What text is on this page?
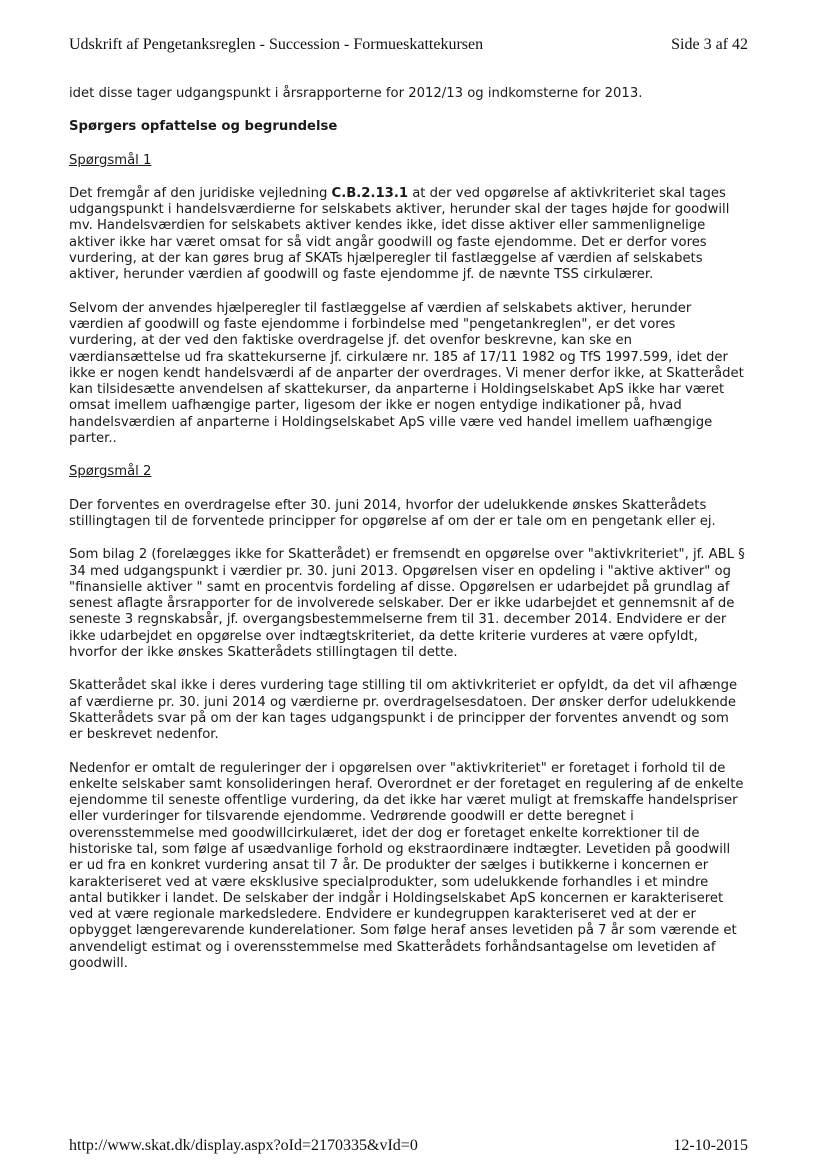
Udskrift af Pengetanksreglen - Succession - Formueskattekursen	Side 3 af 42

idet disse tager udgangspunkt i årsrapporterne for 2012/13 og indkomsterne for 2013.

Spørgers opfattelse og begrundelse
Spørgsmål 1

Det fremgår af den juridiske vejledning C.B.2.13.1 at der ved opgørelse af aktivkriteriet skal tages udgangspunkt i handelsværdierne for selskabets aktiver, herunder skal der tages højde for goodwill mv. Handelsværdien for selskabets aktiver kendes ikke, idet disse aktiver eller sammenlignelige aktiver ikke har været omsat for så vidt angår goodwill og faste ejendomme. Det er derfor vores vurdering, at der kan gøres brug af SKATs hjælperegler til fastlæggelse af værdien af selskabets aktiver, herunder værdien af goodwill og faste ejendomme jf. de nævnte TSS cirkulærer.

Selvom der anvendes hjælperegler til fastlæggelse af værdien af selskabets aktiver, herunder værdien af goodwill og faste ejendomme i forbindelse med "pengetankreglen", er det vores vurdering, at der ved den faktiske overdragelse jf. det ovenfor beskrevne, kan ske en værdiansættelse ud fra skattekurserne jf. cirkulære nr. 185 af 17/11 1982 og TfS 1997.599, idet der ikke er nogen kendt handelsværdi af de anparter der overdrages. Vi mener derfor ikke, at Skatterådet kan tilsidesætte anvendelsen af skattekurser, da anparterne i Holdingselskabet ApS ikke har været omsat imellem uafhængige parter, ligesom der ikke er nogen entydige indikationer på, hvad handelsværdien af anparterne i Holdingselskabet ApS ville være ved handel imellem uafhængige parter..

Spørgsmål 2

Der forventes en overdragelse efter 30. juni 2014, hvorfor der udelukkende ønskes Skatterådets stillingtagen til de forventede principper for opgørelse af om der er tale om en pengetank eller ej.

Som bilag 2 (forelægges ikke for Skatterådet) er fremsendt en opgørelse over "aktivkriteriet", jf. ABL § 34 med udgangspunkt i værdier pr. 30. juni 2013. Opgørelsen viser en opdeling i "aktive aktiver" og "finansielle aktiver " samt en procentvis fordeling af disse. Opgørelsen er udarbejdet på grundlag af senest aflagte årsrapporter for de involverede selskaber. Der er ikke udarbejdet et gennemsnit af de seneste 3 regnskabsår, jf. overgangsbestemmelserne frem til 31. december 2014. Endvidere er der ikke udarbejdet en opgørelse over indtægtskriteriet, da dette kriterie vurderes at være opfyldt, hvorfor der ikke ønskes Skatterådets stillingtagen til dette.

Skatterådet skal ikke i deres vurdering tage stilling til om aktivkriteriet er opfyldt, da det vil afhænge af værdierne pr. 30. juni 2014 og værdierne pr. overdragelsesdatoen. Der ønsker derfor udelukkende Skatterådets svar på om der kan tages udgangspunkt i de principper der forventes anvendt og som er beskrevet nedenfor.

Nedenfor er omtalt de reguleringer der i opgørelsen over "aktivkriteriet" er foretaget i forhold til de enkelte selskaber samt konsolideringen heraf. Overordnet er der foretaget en regulering af de enkelte ejendomme til seneste offentlige vurdering, da det ikke har været muligt at fremskaffe handelspriser eller vurderinger for tilsvarende ejendomme. Vedrørende goodwill er dette beregnet i overensstemmelse med goodwillcirkulæret, idet der dog er foretaget enkelte korrektioner til de historiske tal, som følge af usædvanlige forhold og ekstraordinære indtægter. Levetiden på goodwill er ud fra en konkret vurdering ansat til 7 år. De produkter der sælges i butikkerne i koncernen er karakteriseret ved at være eksklusive specialprodukter, som udelukkende forhandles i et mindre antal butikker i landet. De selskaber der indgår i Holdingselskabet ApS koncernen er karakteriseret ved at være regionale markedsledere. Endvidere er kundegruppen karakteriseret ved at der er opbygget længerevarende kunderelationer. Som følge heraf anses levetiden på 7 år som værende et anvendeligt estimat og i overensstemmelse med Skatterådets forhåndsantagelse om levetiden af goodwill.

http://www.skat.dk/display.aspx?oId=2170335&vId=0	12-10-2015
